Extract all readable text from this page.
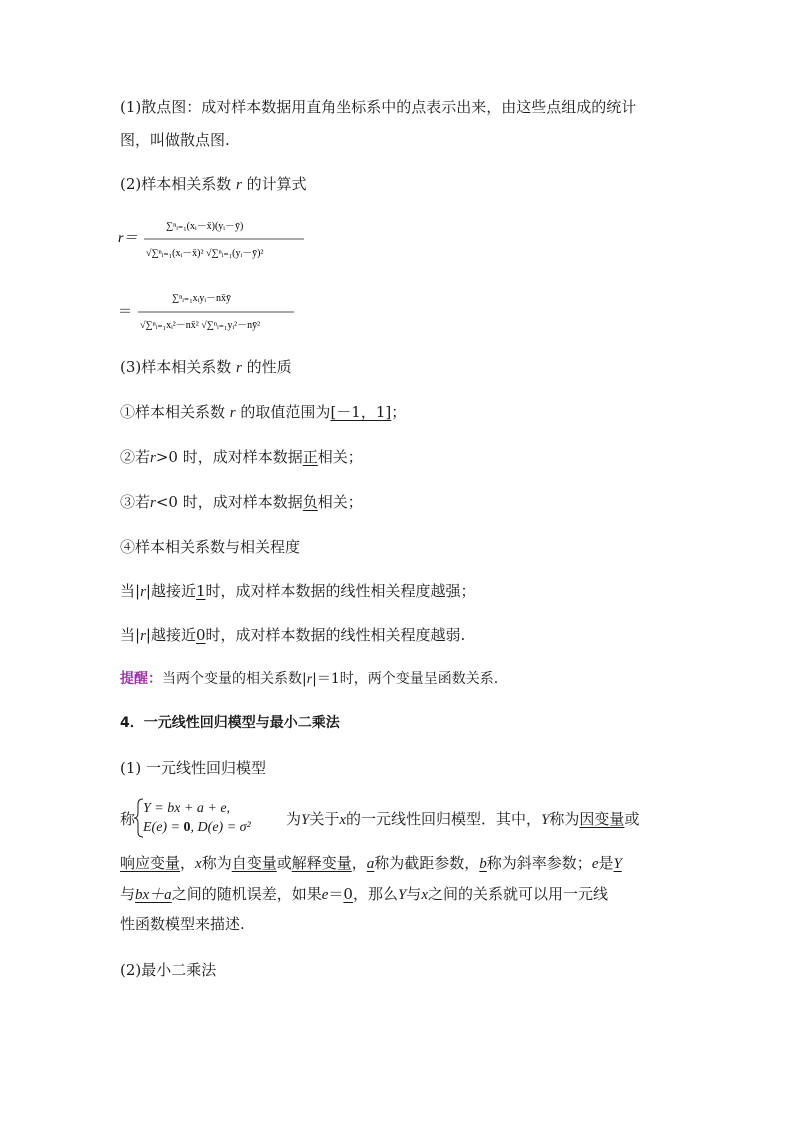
(1)散点图：成对样本数据用直角坐标系中的点表示出来，由这些点组成的统计
图，叫做散点图.
(2)样本相关系数 r 的计算式
r＝
∑ⁿᵢ₌₁(xᵢ－x̄)(yᵢ－ȳ)
√∑ⁿᵢ₌₁(xᵢ－x̄)² √∑ⁿᵢ₌₁(yᵢ－ȳ)²
＝
∑ⁿᵢ₌₁xᵢyᵢ－nx̄ȳ
√∑ⁿᵢ₌₁xᵢ²－nx̄² √∑ⁿᵢ₌₁yᵢ²－nȳ²
(3)样本相关系数 r 的性质
①样本相关系数 r 的取值范围为[－1，1]；
②若r>0 时，成对样本数据正相关；
③若r<0 时，成对样本数据负相关；
④样本相关系数与相关程度
当|r|越接近1时，成对样本数据的线性相关程度越强；
当|r|越接近0时，成对样本数据的线性相关程度越弱.
提醒：当两个变量的相关系数|r|＝1时，两个变量呈函数关系.
4．一元线性回归模型与最小二乘法
(1) 一元线性回归模型
称
Y = bx + a + e,
E(e) = 0, D(e) = σ² 为Y关于x的一元线性回归模型．其中，Y称为因变量或
响应变量，x称为自变量或解释变量，a称为截距参数，b称为斜率参数；e是Y
与bx＋a之间的随机误差，如果e＝0，那么Y与x之间的关系就可以用一元线
性函数模型来描述.
(2)最小二乘法
